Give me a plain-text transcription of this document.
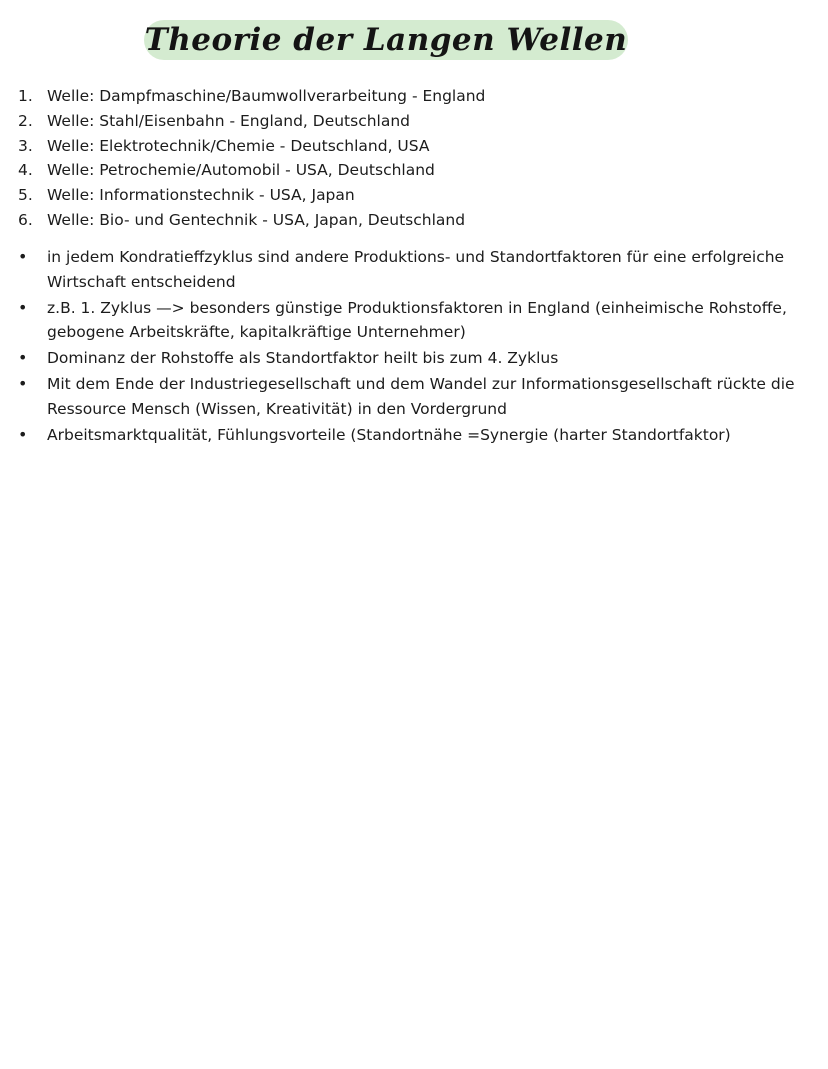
Theorie der Langen Wellen
1. Welle: Dampfmaschine/Baumwollverarbeitung - England
2. Welle: Stahl/Eisenbahn - England, Deutschland
3. Welle: Elektrotechnik/Chemie - Deutschland, USA
4. Welle: Petrochemie/Automobil - USA, Deutschland
5. Welle: Informationstechnik - USA, Japan
6. Welle: Bio- und Gentechnik - USA, Japan, Deutschland
• in jedem Kondratieffzyklus sind andere Produktions- und Standortfaktoren für eine erfolgreiche Wirtschaft entscheidend
• z.B. 1. Zyklus —> besonders günstige Produktionsfaktoren in England (einheimische Rohstoffe, gebogene Arbeitskräfte, kapitalkräftige Unternehmer)
• Dominanz der Rohstoffe als Standortfaktor heilt bis zum 4. Zyklus
• Mit dem Ende der Industriegesellschaft und dem Wandel zur Informationsgesellschaft rückte die Ressource Mensch (Wissen, Kreativität) in den Vordergrund
• Arbeitsmarktqualität, Fühlungsvorteile (Standortnähe =Synergie (harter Standortfaktor)
